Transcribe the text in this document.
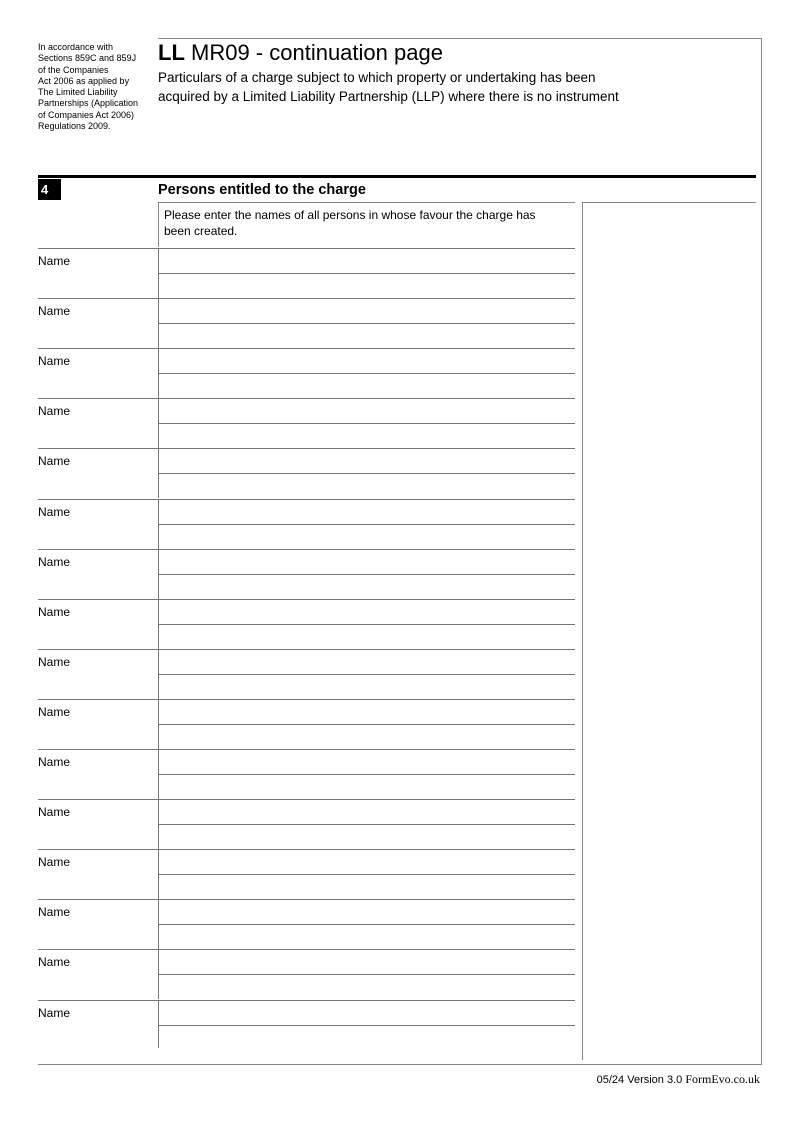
In accordance with
Sections 859C and 859J
of the Companies
Act 2006 as applied by
The Limited Liability
Partnerships (Application
of Companies Act 2006)
Regulations 2009.
LL MR09 - continuation page
Particulars of a charge subject to which property or undertaking has been
acquired by a Limited Liability Partnership (LLP) where there is no instrument
4	Persons entitled to the charge
Please enter the names of all persons in whose favour the charge has
been created.
Name
Name
Name
Name
Name
Name
Name
Name
Name
Name
Name
Name
Name
Name
Name
Name
05/24 Version 3.0 FormEvo.co.uk
